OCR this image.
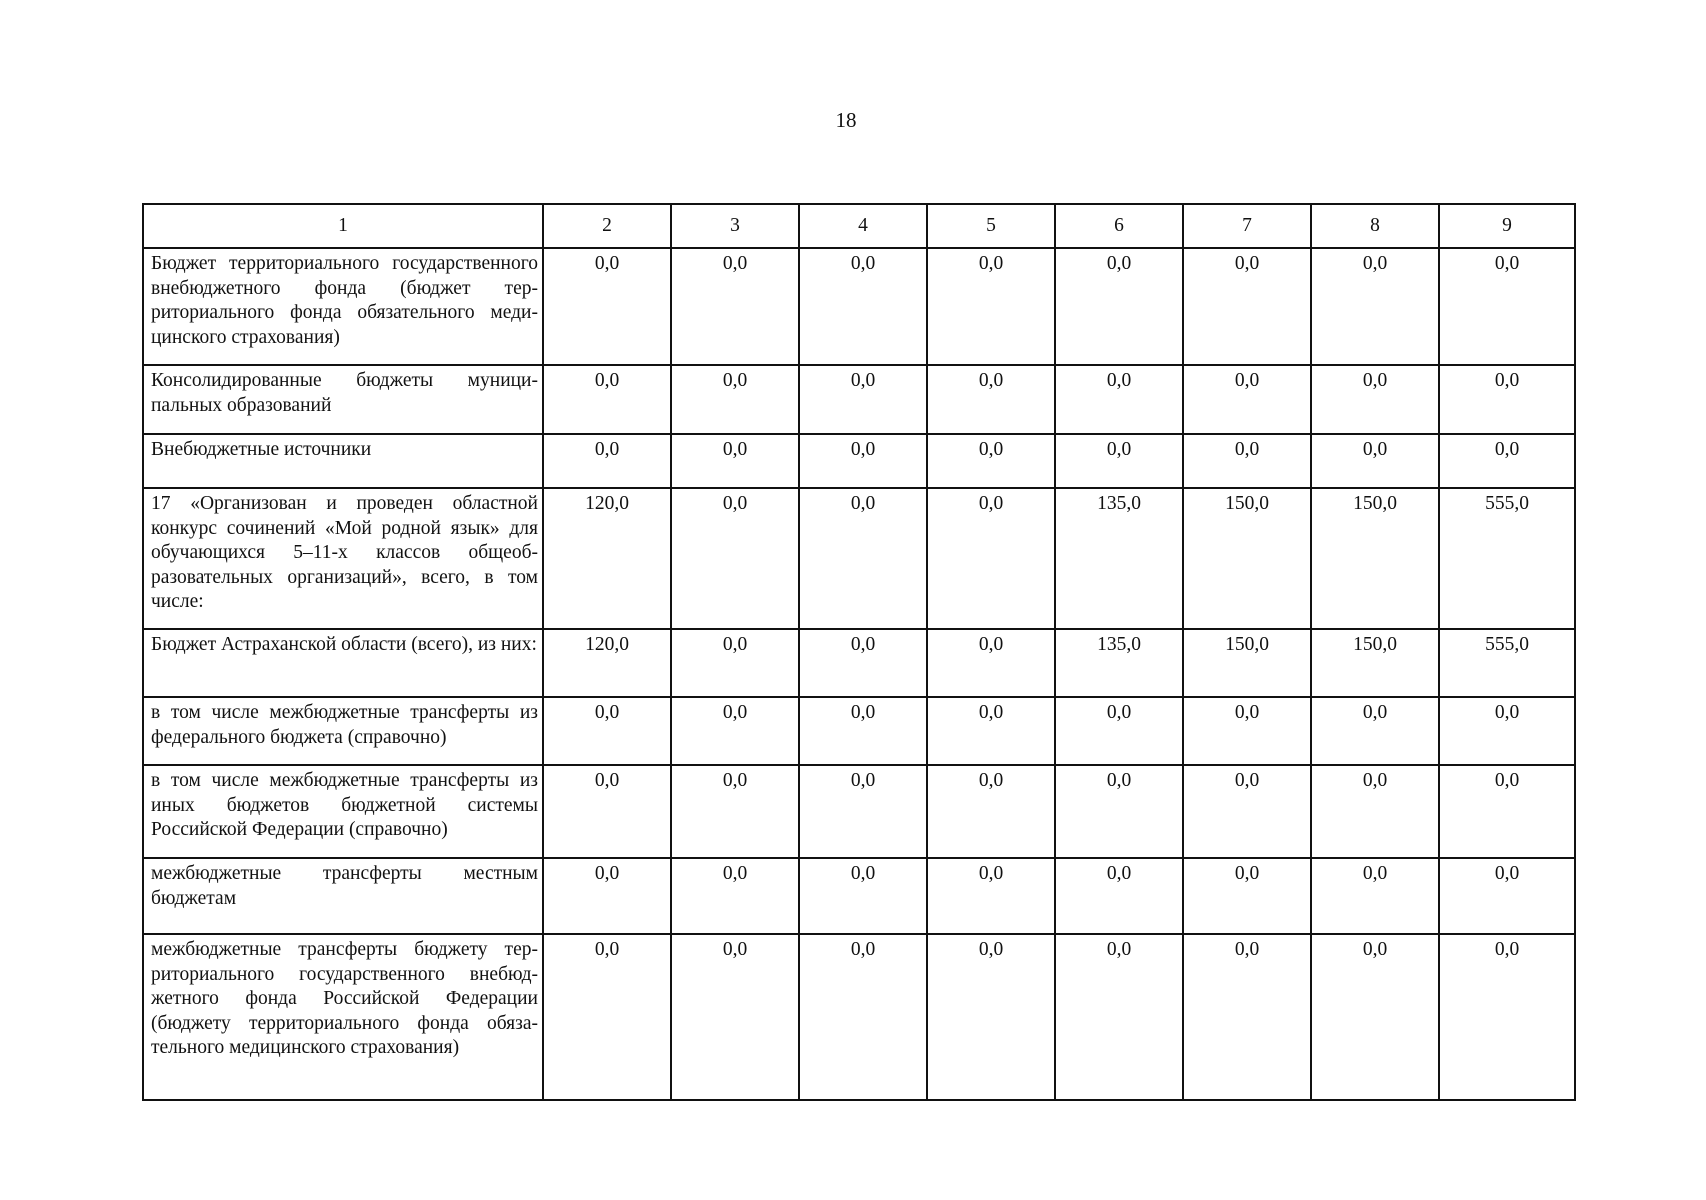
18
1	2	3	4	5	6	7	8	9
Бюджет территориального государственного внебюджетного фонда (бюджет территориального фонда обязательного медицинского страхования)	0,0	0,0	0,0	0,0	0,0	0,0	0,0	0,0
Консолидированные бюджеты муниципальных образований	0,0	0,0	0,0	0,0	0,0	0,0	0,0	0,0
Внебюджетные источники	0,0	0,0	0,0	0,0	0,0	0,0	0,0	0,0
17 «Организован и проведен областной конкурс сочинений «Мой родной язык» для обучающихся 5–11-х классов общеобразовательных организаций», всего, в том числе:	120,0	0,0	0,0	0,0	135,0	150,0	150,0	555,0
Бюджет Астраханской области (всего), из них:	120,0	0,0	0,0	0,0	135,0	150,0	150,0	555,0
в том числе межбюджетные трансферты из федерального бюджета (справочно)	0,0	0,0	0,0	0,0	0,0	0,0	0,0	0,0
в том числе межбюджетные трансферты из иных бюджетов бюджетной системы Российской Федерации (справочно)	0,0	0,0	0,0	0,0	0,0	0,0	0,0	0,0
межбюджетные трансферты местным бюджетам	0,0	0,0	0,0	0,0	0,0	0,0	0,0	0,0
межбюджетные трансферты бюджету территориального государственного внебюджетного фонда Российской Федерации (бюджету территориального фонда обязательного медицинского страхования)	0,0	0,0	0,0	0,0	0,0	0,0	0,0	0,0
